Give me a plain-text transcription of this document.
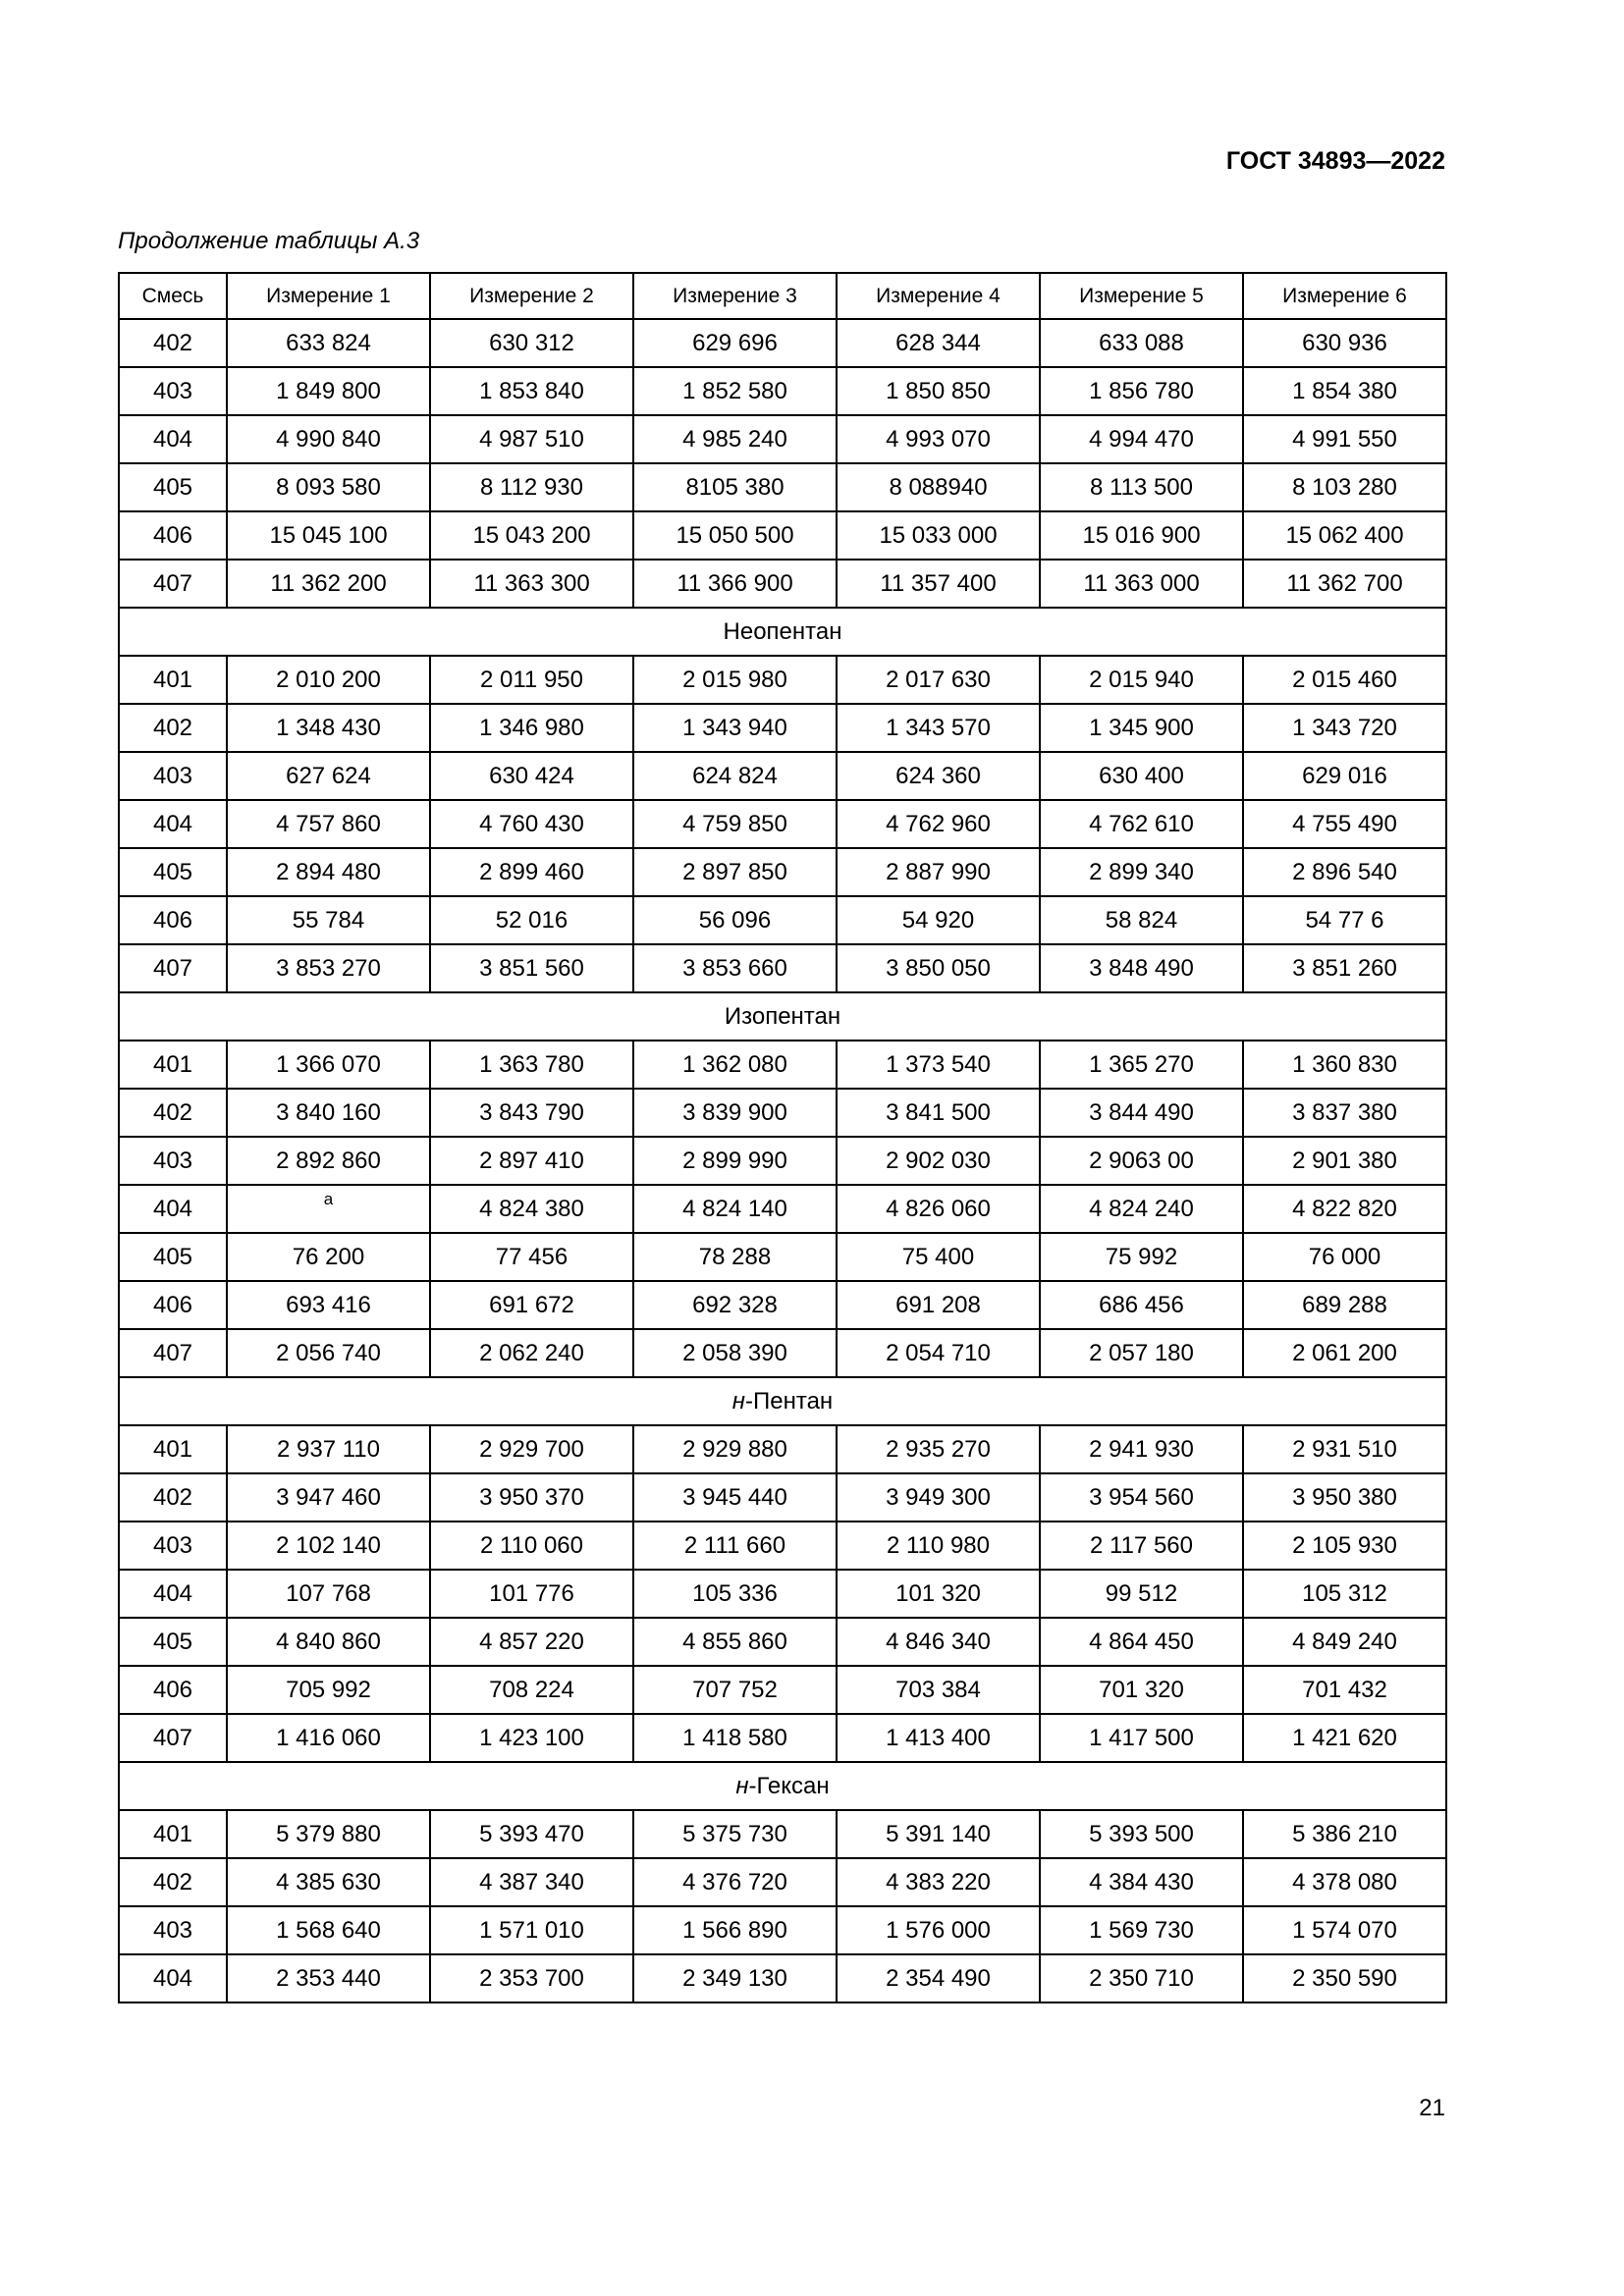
ГОСТ 34893—2022
Продолжение таблицы А.3
Смесь	Измерение 1	Измерение 2	Измерение 3	Измерение 4	Измерение 5	Измерение 6
402	633 824	630 312	629 696	628 344	633 088	630 936
403	1 849 800	1 853 840	1 852 580	1 850 850	1 856 780	1 854 380
404	4 990 840	4 987 510	4 985 240	4 993 070	4 994 470	4 991 550
405	8 093 580	8 112 930	8105 380	8 088940	8 113 500	8 103 280
406	15 045 100	15 043 200	15 050 500	15 033 000	15 016 900	15 062 400
407	11 362 200	11 363 300	11 366 900	11 357 400	11 363 000	11 362 700
Неопентан						
401	2 010 200	2 011 950	2 015 980	2 017 630	2 015 940	2 015 460
402	1 348 430	1 346 980	1 343 940	1 343 570	1 345 900	1 343 720
403	627 624	630 424	624 824	624 360	630 400	629 016
404	4 757 860	4 760 430	4 759 850	4 762 960	4 762 610	4 755 490
405	2 894 480	2 899 460	2 897 850	2 887 990	2 899 340	2 896 540
406	55 784	52 016	56 096	54 920	58 824	54 77 6
407	3 853 270	3 851 560	3 853 660	3 850 050	3 848 490	3 851 260
Изопентан						
401	1 366 070	1 363 780	1 362 080	1 373 540	1 365 270	1 360 830
402	3 840 160	3 843 790	3 839 900	3 841 500	3 844 490	3 837 380
403	2 892 860	2 897 410	2 899 990	2 902 030	2 9063 00	2 901 380
404	$^а$	4 824 380	4 824 140	4 826 060	4 824 240	4 822 820
405	76 200	77 456	78 288	75 400	75 992	76 000
406	693 416	691 672	692 328	691 208	686 456	689 288
407	2 056 740	2 062 240	2 058 390	2 054 710	2 057 180	2 061 200
н-Пентан						
401	2 937 110	2 929 700	2 929 880	2 935 270	2 941 930	2 931 510
402	3 947 460	3 950 370	3 945 440	3 949 300	3 954 560	3 950 380
403	2 102 140	2 110 060	2 111 660	2 110 980	2 117 560	2 105 930
404	107 768	101 776	105 336	101 320	99 512	105 312
405	4 840 860	4 857 220	4 855 860	4 846 340	4 864 450	4 849 240
406	705 992	708 224	707 752	703 384	701 320	701 432
407	1 416 060	1 423 100	1 418 580	1 413 400	1 417 500	1 421 620
н-Гексан						
401	5 379 880	5 393 470	5 375 730	5 391 140	5 393 500	5 386 210
402	4 385 630	4 387 340	4 376 720	4 383 220	4 384 430	4 378 080
403	1 568 640	1 571 010	1 566 890	1 576 000	1 569 730	1 574 070
404	2 353 440	2 353 700	2 349 130	2 354 490	2 350 710	2 350 590
21
